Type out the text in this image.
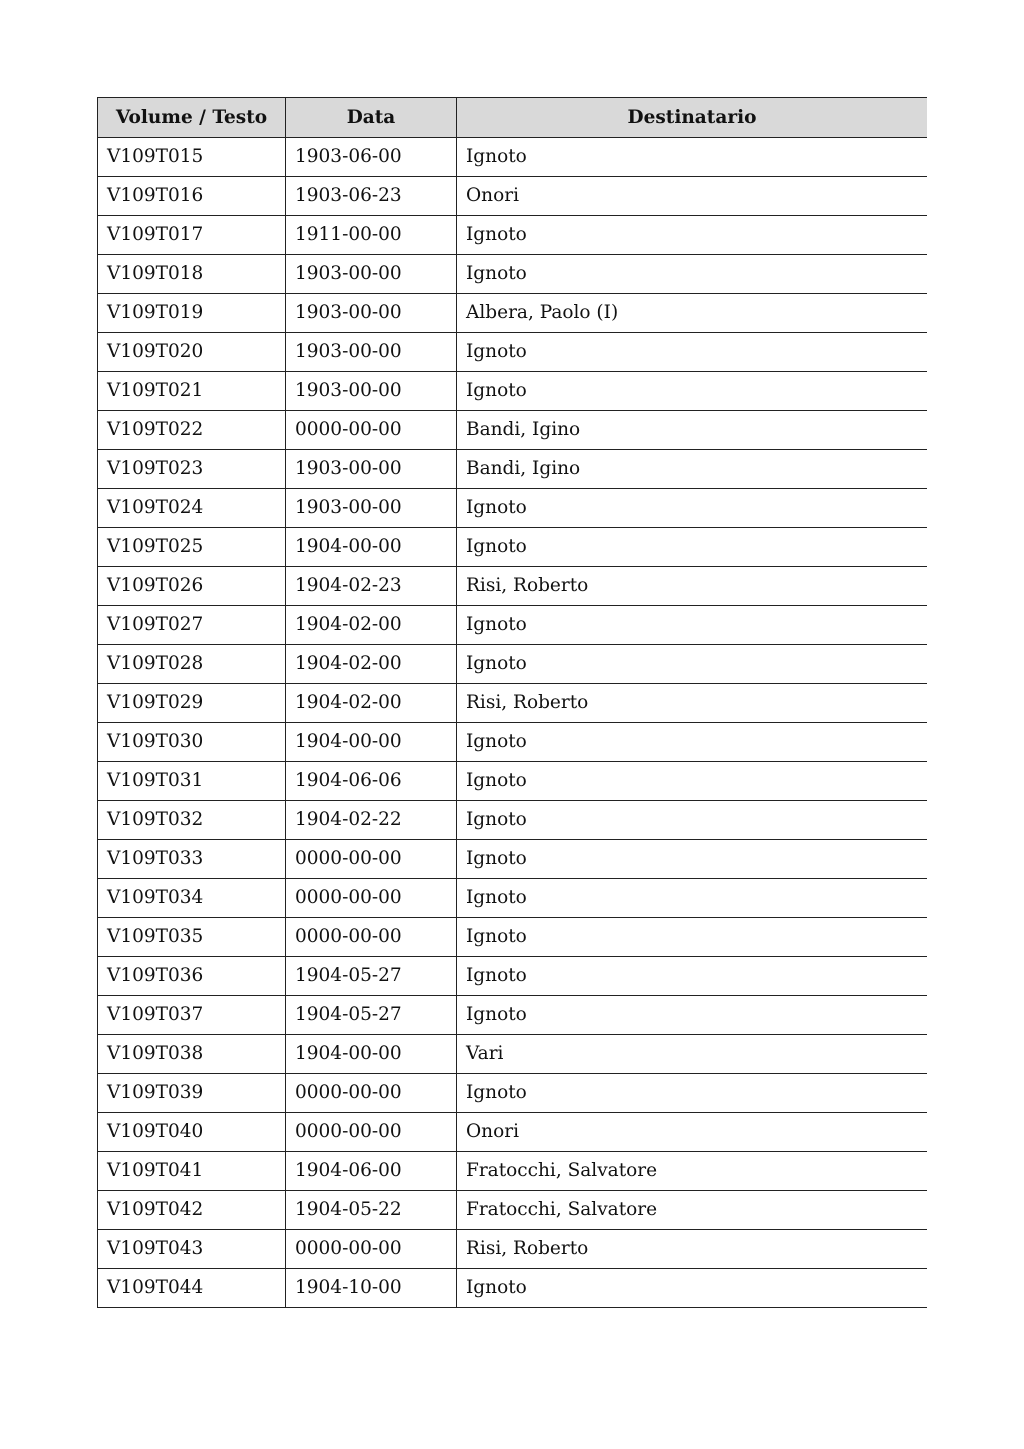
Volume / Testo	Data	Destinatario
V109T015	1903-06-00	Ignoto
V109T016	1903-06-23	Onori
V109T017	1911-00-00	Ignoto
V109T018	1903-00-00	Ignoto
V109T019	1903-00-00	Albera, Paolo (I)
V109T020	1903-00-00	Ignoto
V109T021	1903-00-00	Ignoto
V109T022	0000-00-00	Bandi, Igino
V109T023	1903-00-00	Bandi, Igino
V109T024	1903-00-00	Ignoto
V109T025	1904-00-00	Ignoto
V109T026	1904-02-23	Risi, Roberto
V109T027	1904-02-00	Ignoto
V109T028	1904-02-00	Ignoto
V109T029	1904-02-00	Risi, Roberto
V109T030	1904-00-00	Ignoto
V109T031	1904-06-06	Ignoto
V109T032	1904-02-22	Ignoto
V109T033	0000-00-00	Ignoto
V109T034	0000-00-00	Ignoto
V109T035	0000-00-00	Ignoto
V109T036	1904-05-27	Ignoto
V109T037	1904-05-27	Ignoto
V109T038	1904-00-00	Vari
V109T039	0000-00-00	Ignoto
V109T040	0000-00-00	Onori
V109T041	1904-06-00	Fratocchi, Salvatore
V109T042	1904-05-22	Fratocchi, Salvatore
V109T043	0000-00-00	Risi, Roberto
V109T044	1904-10-00	Ignoto
